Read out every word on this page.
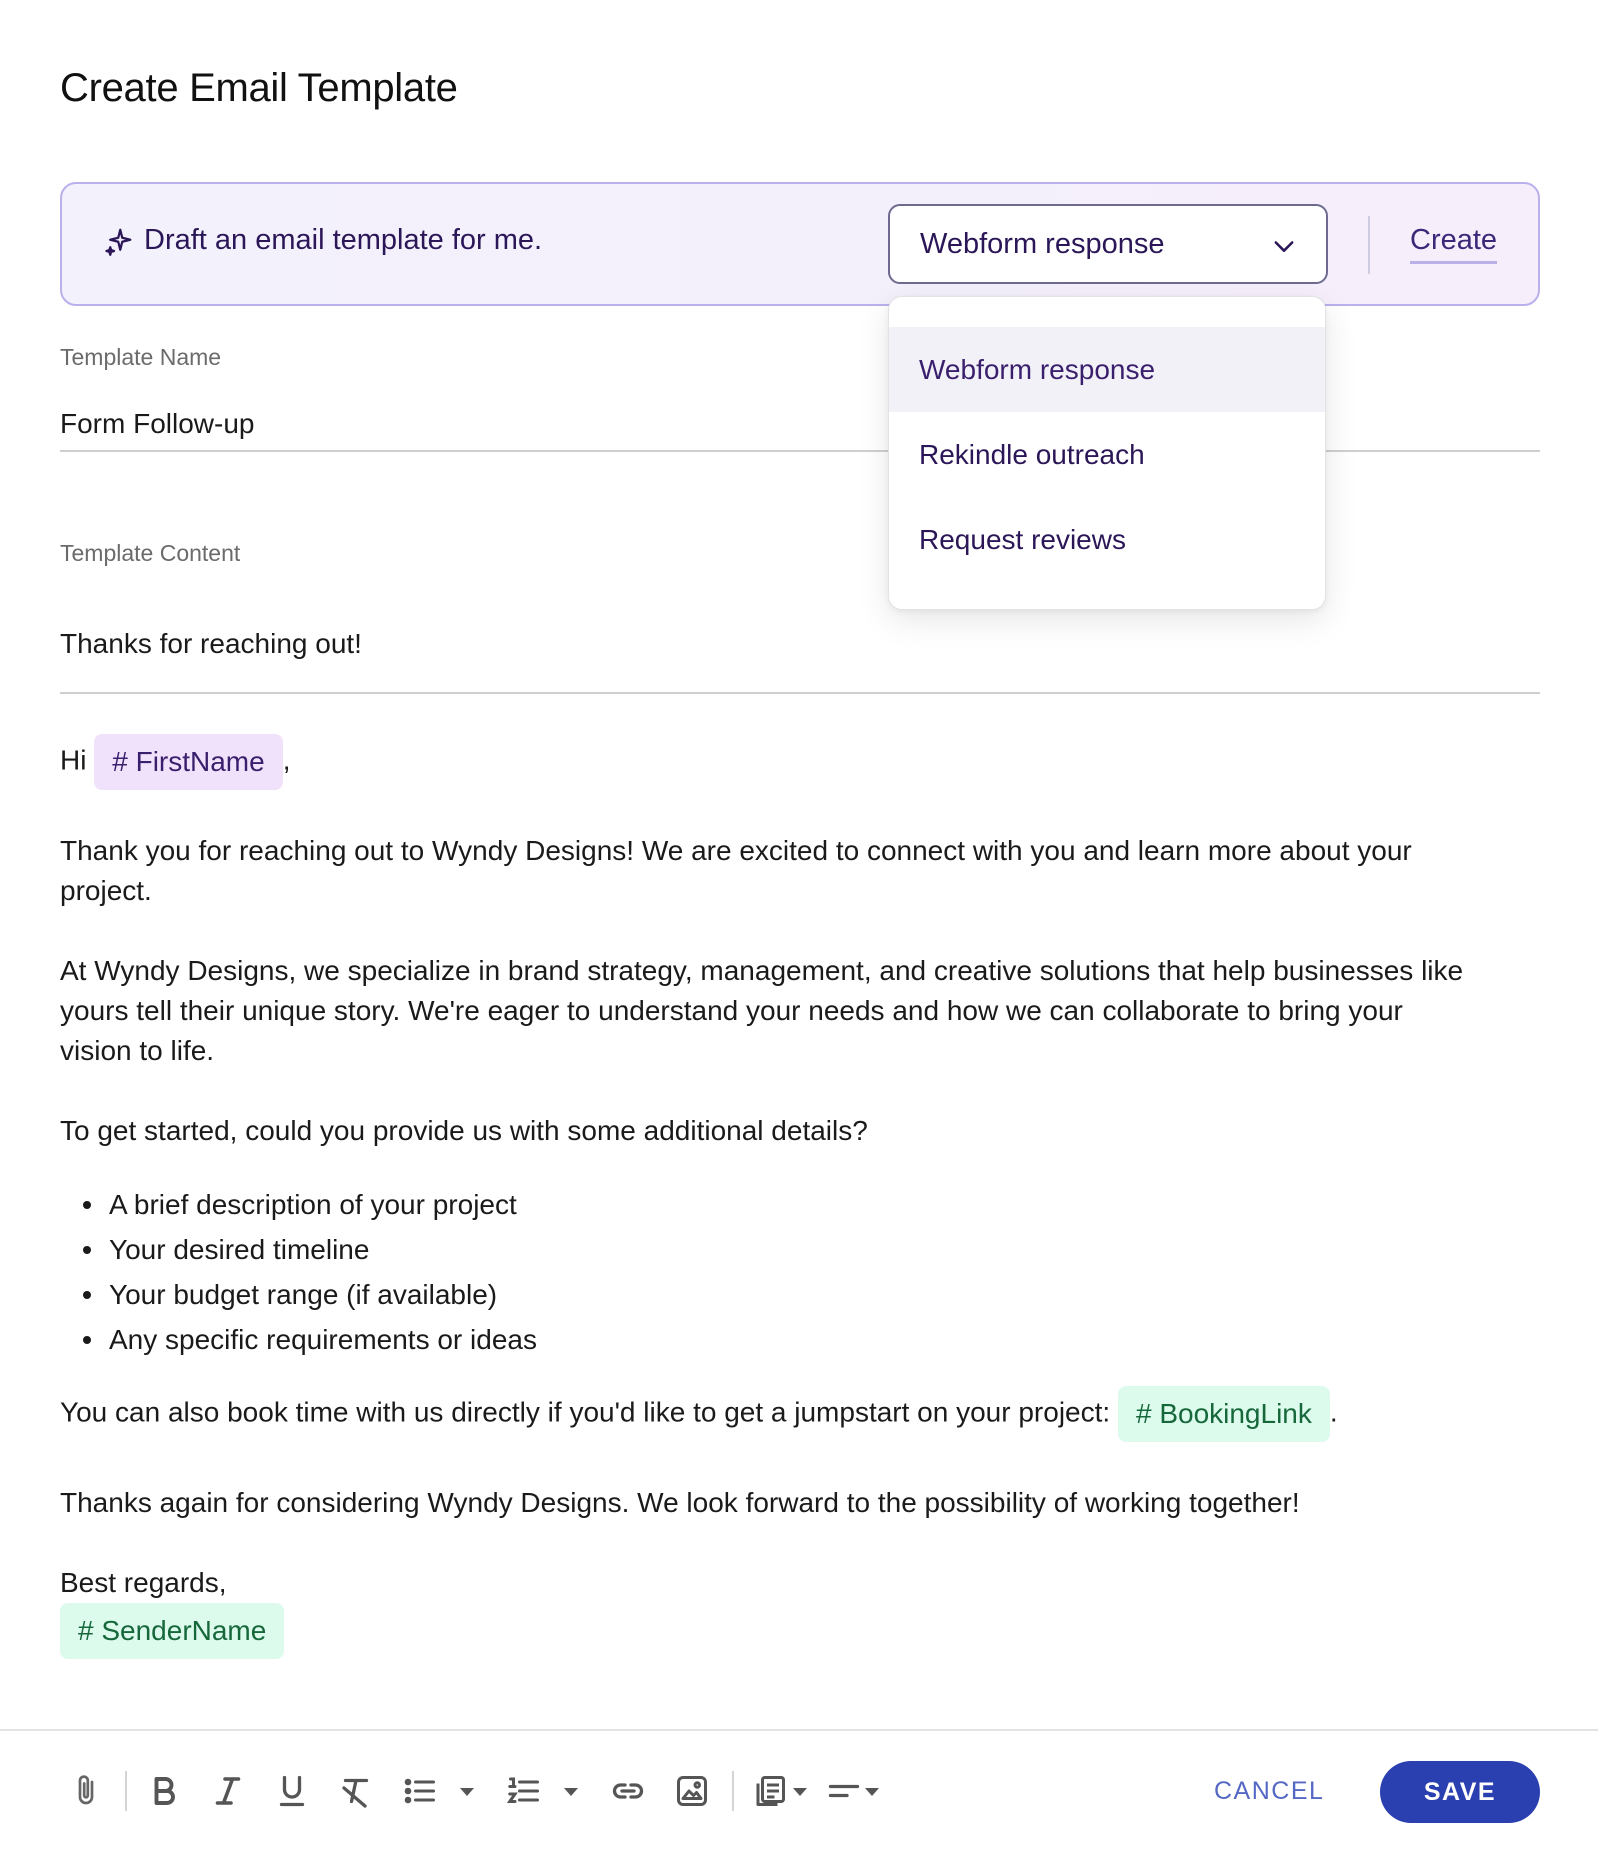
Create Email Template
Draft an email template for me.	Webform response	Create
Template Name
Form Follow-up
Template Content
Thanks for reaching out!
Hi # FirstName ,
Thank you for reaching out to Wyndy Designs! We are excited to connect with you and learn more about your project.
At Wyndy Designs, we specialize in brand strategy, management, and creative solutions that help businesses like yours tell their unique story. We're eager to understand your needs and how we can collaborate to bring your vision to life.
To get started, could you provide us with some additional details?
A brief description of your project
Your desired timeline
Your budget range (if available)
Any specific requirements or ideas
You can also book time with us directly if you'd like to get a jumpstart on your project: # BookingLink .
Thanks again for considering Wyndy Designs. We look forward to the possibility of working together!
Best regards,
# SenderName
Webform response
Rekindle outreach
Request reviews
CANCEL	SAVE
